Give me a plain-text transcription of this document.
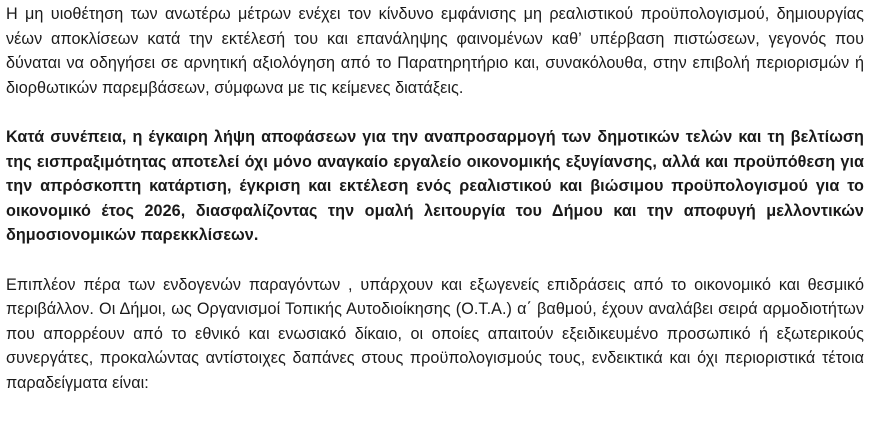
Η μη υιοθέτηση των ανωτέρω μέτρων ενέχει τον κίνδυνο εμφάνισης μη ρεαλιστικού προϋπολογισμού, δημιουργίας νέων αποκλίσεων κατά την εκτέλεσή του και επανάληψης φαινομένων καθ’ υπέρβαση πιστώσεων, γεγονός που δύναται να οδηγήσει σε αρνητική αξιολόγηση από το Παρατηρητήριο και, συνακόλουθα, στην επιβολή περιορισμών ή διορθωτικών παρεμβάσεων, σύμφωνα με τις κείμενες διατάξεις.

Κατά συνέπεια, η έγκαιρη λήψη αποφάσεων για την αναπροσαρμογή των δημοτικών τελών και τη βελτίωση της εισπραξιμότητας αποτελεί όχι μόνο αναγκαίο εργαλείο οικονομικής εξυγίανσης, αλλά και προϋπόθεση για την απρόσκοπτη κατάρτιση, έγκριση και εκτέλεση ενός ρεαλιστικού και βιώσιμου προϋπολογισμού για το οικονομικό έτος 2026, διασφαλίζοντας την ομαλή λειτουργία του Δήμου και την αποφυγή μελλοντικών δημοσιονομικών παρεκκλίσεων.

Επιπλέον πέρα των ενδογενών παραγόντων , υπάρχουν και εξωγενείς επιδράσεις από το οικονομικό και θεσμικό περιβάλλον. Οι Δήμοι, ως Οργανισμοί Τοπικής Αυτοδιοίκησης (Ο.Τ.Α.) α΄ βαθμού, έχουν αναλάβει σειρά αρμοδιοτήτων που απορρέουν από το εθνικό και ενωσιακό δίκαιο, οι οποίες απαιτούν εξειδικευμένο προσωπικό ή εξωτερικούς συνεργάτες, προκαλώντας αντίστοιχες δαπάνες στους προϋπολογισμούς τους, ενδεικτικά και όχι περιοριστικά τέτοια παραδείγματα είναι:
